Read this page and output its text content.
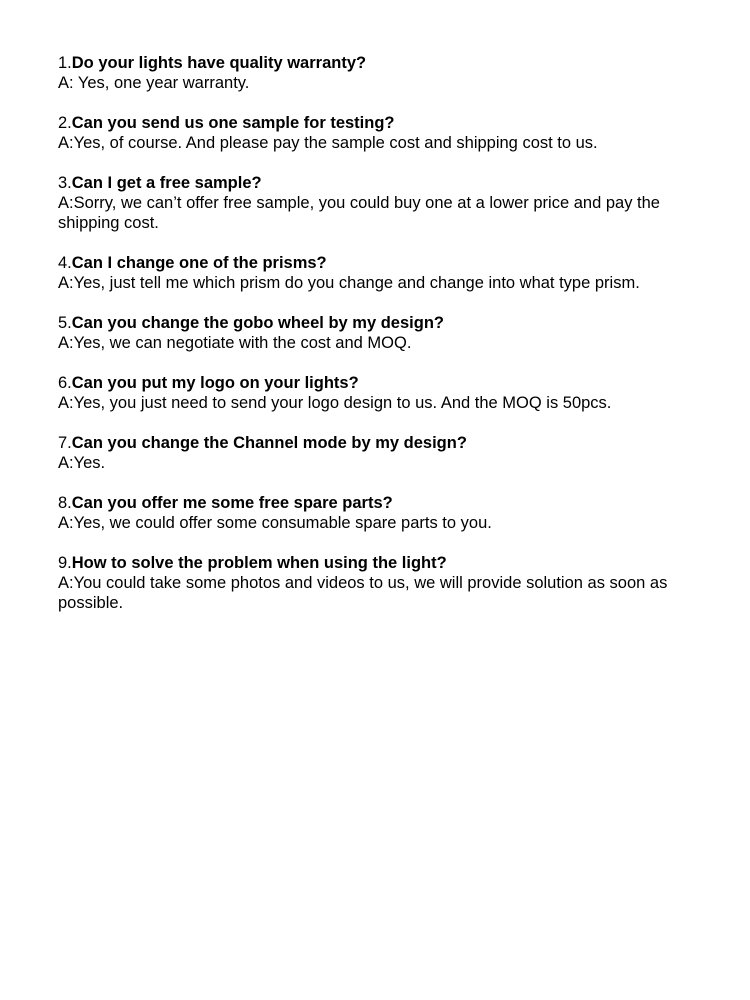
1.Do your lights have quality warranty?
A: Yes, one year warranty.
2.Can you send us one sample for testing?
A:Yes, of course. And please pay the sample cost and shipping cost to us.
3.Can I get a free sample?
A:Sorry, we can’t offer free sample, you could buy one at a lower price and pay the shipping cost.
4.Can I change one of the prisms?
A:Yes, just tell me which prism do you change and change into what type prism.
5.Can you change the gobo wheel by my design?
A:Yes, we can negotiate with the cost and MOQ.
6.Can you put my logo on your lights?
A:Yes, you just need to send your logo design to us. And the MOQ is 50pcs.
7.Can you change the Channel mode by my design?
A:Yes.
8.Can you offer me some free spare parts?
A:Yes, we could offer some consumable spare parts to you.
9.How to solve the problem when using the light?
A:You could take some photos and videos to us, we will provide solution as soon as possible.
